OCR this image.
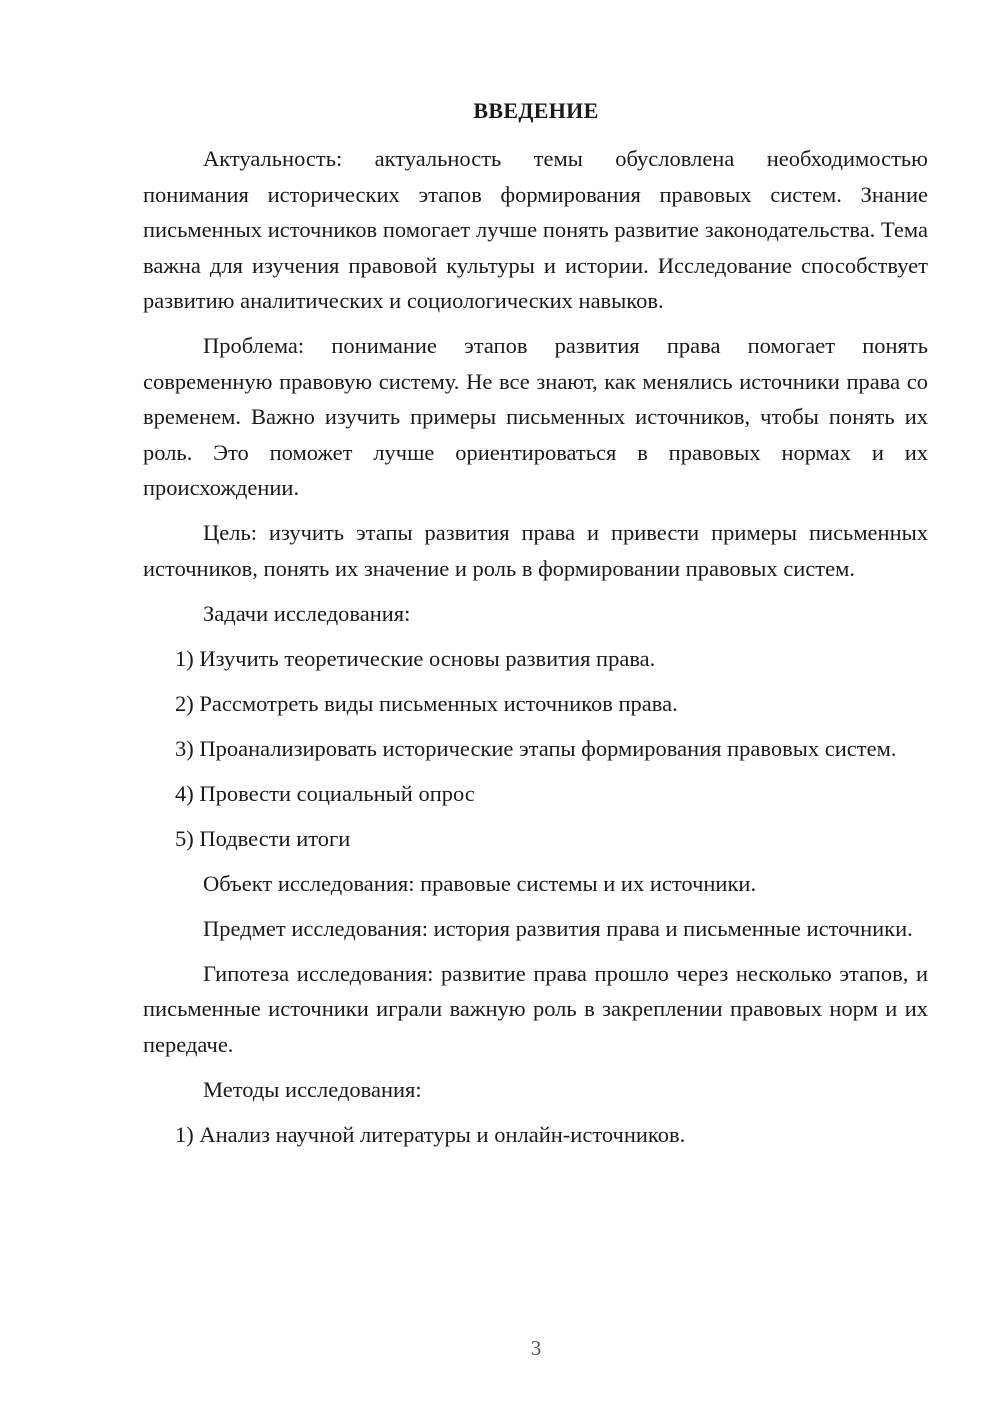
ВВЕДЕНИЕ

Актуальность: актуальность темы обусловлена необходимостью понимания исторических этапов формирования правовых систем. Знание письменных источников помогает лучше понять развитие законодательства. Тема важна для изучения правовой культуры и истории. Исследование способствует развитию аналитических и социологических навыков.

Проблема: понимание этапов развития права помогает понять современную правовую систему. Не все знают, как менялись источники права со временем. Важно изучить примеры письменных источников, чтобы понять их роль. Это поможет лучше ориентироваться в правовых нормах и их происхождении.

Цель: изучить этапы развития права и привести примеры письменных источников, понять их значение и роль в формировании правовых систем.

Задачи исследования:

1) Изучить теоретические основы развития права.

2) Рассмотреть виды письменных источников права.

3) Проанализировать исторические этапы формирования правовых систем.

4) Провести социальный опрос

5) Подвести итоги

Объект исследования: правовые системы и их источники.

Предмет исследования: история развития права и письменные источники.

Гипотеза исследования: развитие права прошло через несколько этапов, и письменные источники играли важную роль в закреплении правовых норм и их передаче.

Методы исследования:

1) Анализ научной литературы и онлайн-источников.

3
